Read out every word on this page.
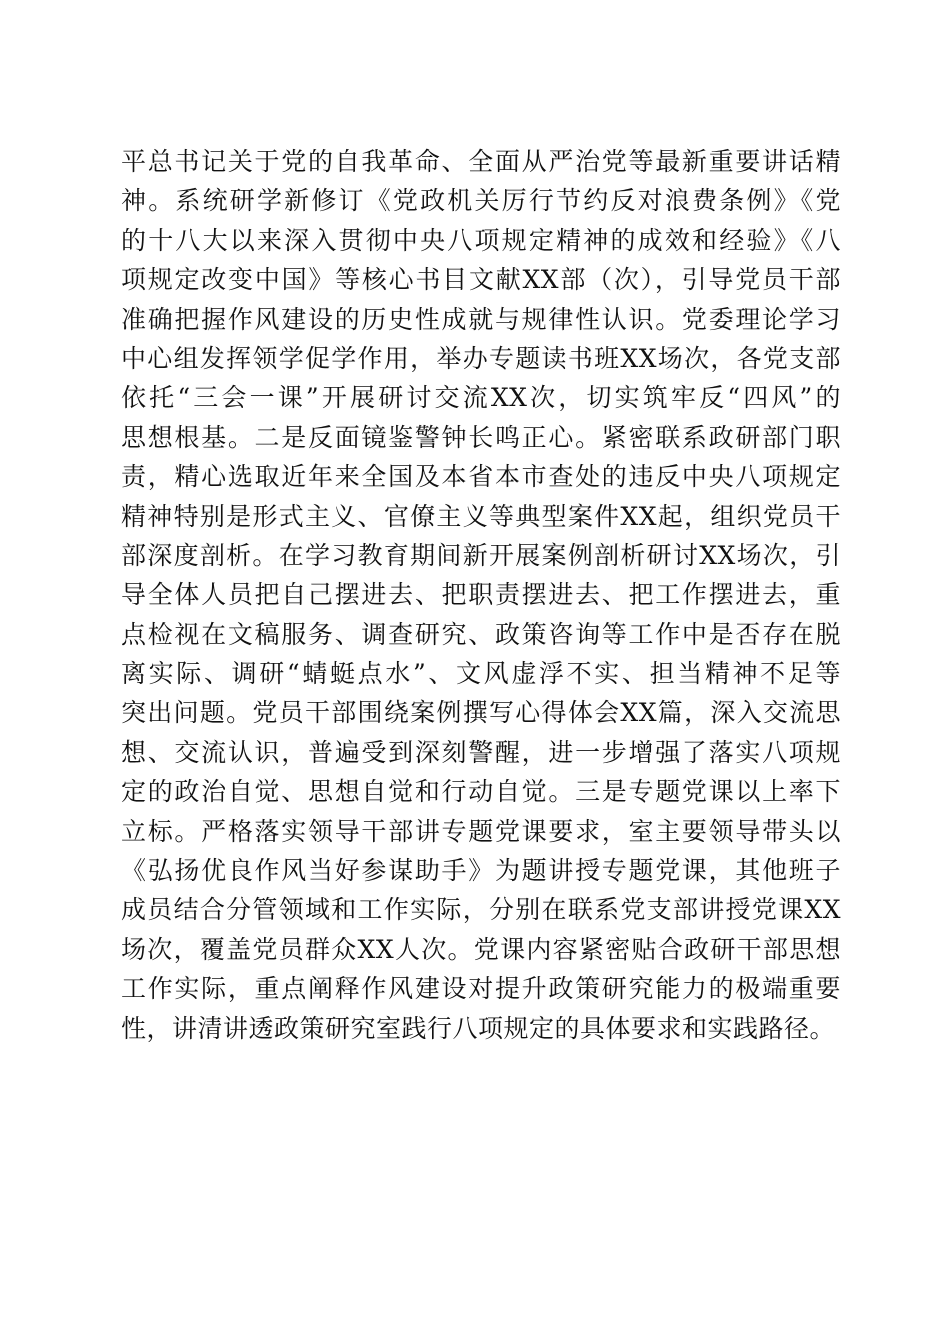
平总书记关于党的自我革命、全面从严治党等最新重要讲话精
神。系统研学新修订《党政机关厉行节约反对浪费条例》《党
的十八大以来深入贯彻中央八项规定精神的成效和经验》《八
项规定改变中国》等核心书目文献XX部（次），引导党员干部
准确把握作风建设的历史性成就与规律性认识。党委理论学习
中心组发挥领学促学作用，举办专题读书班XX场次，各党支部
依托“三会一课”开展研讨交流XX次，切实筑牢反“四风”的
思想根基。二是反面镜鉴警钟长鸣正心。紧密联系政研部门职
责，精心选取近年来全国及本省本市查处的违反中央八项规定
精神特别是形式主义、官僚主义等典型案件XX起，组织党员干
部深度剖析。在学习教育期间新开展案例剖析研讨XX场次，引
导全体人员把自己摆进去、把职责摆进去、把工作摆进去，重
点检视在文稿服务、调查研究、政策咨询等工作中是否存在脱
离实际、调研“蜻蜓点水”、文风虚浮不实、担当精神不足等
突出问题。党员干部围绕案例撰写心得体会XX篇，深入交流思
想、交流认识，普遍受到深刻警醒，进一步增强了落实八项规
定的政治自觉、思想自觉和行动自觉。三是专题党课以上率下
立标。严格落实领导干部讲专题党课要求，室主要领导带头以
《弘扬优良作风当好参谋助手》为题讲授专题党课，其他班子
成员结合分管领域和工作实际，分别在联系党支部讲授党课XX
场次，覆盖党员群众XX人次。党课内容紧密贴合政研干部思想
工作实际，重点阐释作风建设对提升政策研究能力的极端重要
性，讲清讲透政策研究室践行八项规定的具体要求和实践路径。
